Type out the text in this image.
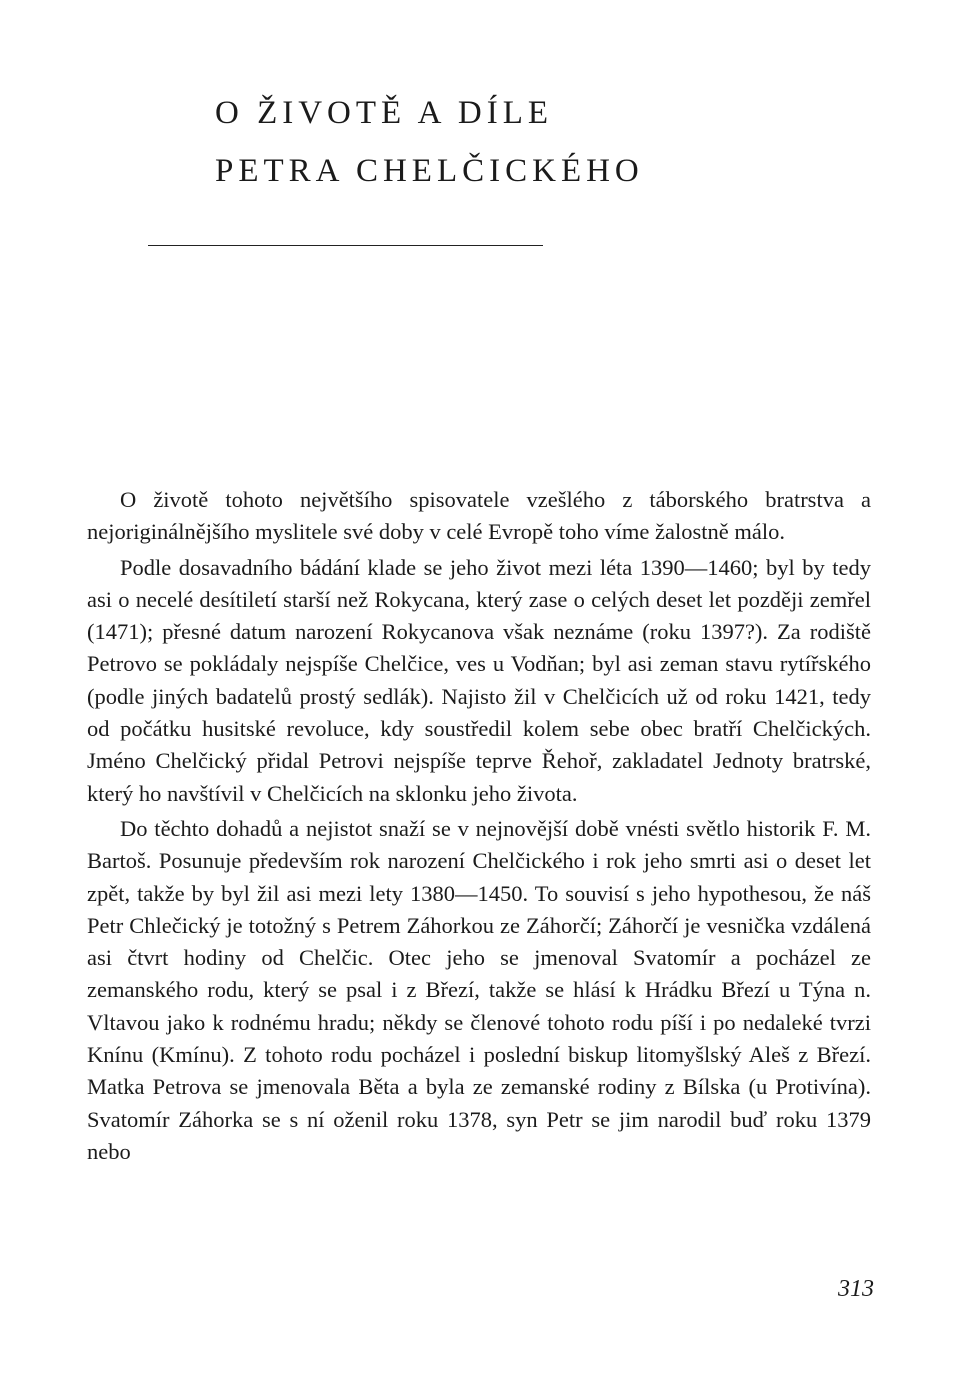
O ŽIVOTĚ A DÍLE
PETRA CHELČICKÉHO

O životě tohoto největšího spisovatele vzešlého z táborského bratrstva a nejoriginálnějšího myslitele své doby v celé Evropě toho víme žalostně málo.

Podle dosavadního bádání klade se jeho život mezi léta 1390—1460; byl by tedy asi o necelé desítiletí starší než Rokycana, který zase o celých deset let později zemřel (1471); přesné datum narození Rokycanova však neznáme (roku 1397?). Za rodiště Petrovo se pokládaly nejspíše Chelčice, ves u Vodňan; byl asi zeman stavu rytířského (podle jiných badatelů prostý sedlák). Najisto žil v Chelčicích už od roku 1421, tedy od počátku husitské revoluce, kdy soustředil kolem sebe obec bratří Chelčických. Jméno Chelčický přidal Petrovi nejspíše teprve Řehoř, zakladatel Jednoty bratrské, který ho navštívil v Chelčicích na sklonku jeho života.

Do těchto dohadů a nejistot snaží se v nejnovější době vnésti světlo historik F. M. Bartoš. Posunuje především rok narození Chelčického i rok jeho smrti asi o deset let zpět, takže by byl žil asi mezi lety 1380—1450. To souvisí s jeho hypothesou, že náš Petr Chlečický je totožný s Petrem Záhorkou ze Záhorčí; Záhorčí je vesnička vzdálená asi čtvrt hodiny od Chelčic. Otec jeho se jmenoval Svatomír a pocházel ze zemanského rodu, který se psal i z Březí, takže se hlásí k Hrádku Březí u Týna n. Vltavou jako k rodnému hradu; někdy se členové tohoto rodu píší i po nedaleké tvrzi Knínu (Kmínu). Z tohoto rodu pocházel i poslední biskup litomyšlský Aleš z Březí. Matka Petrova se jmenovala Běta a byla ze zemanské rodiny z Bílska (u Protivína). Svatomír Záhorka se s ní oženil roku 1378, syn Petr se jim narodil buď roku 1379 nebo

313
